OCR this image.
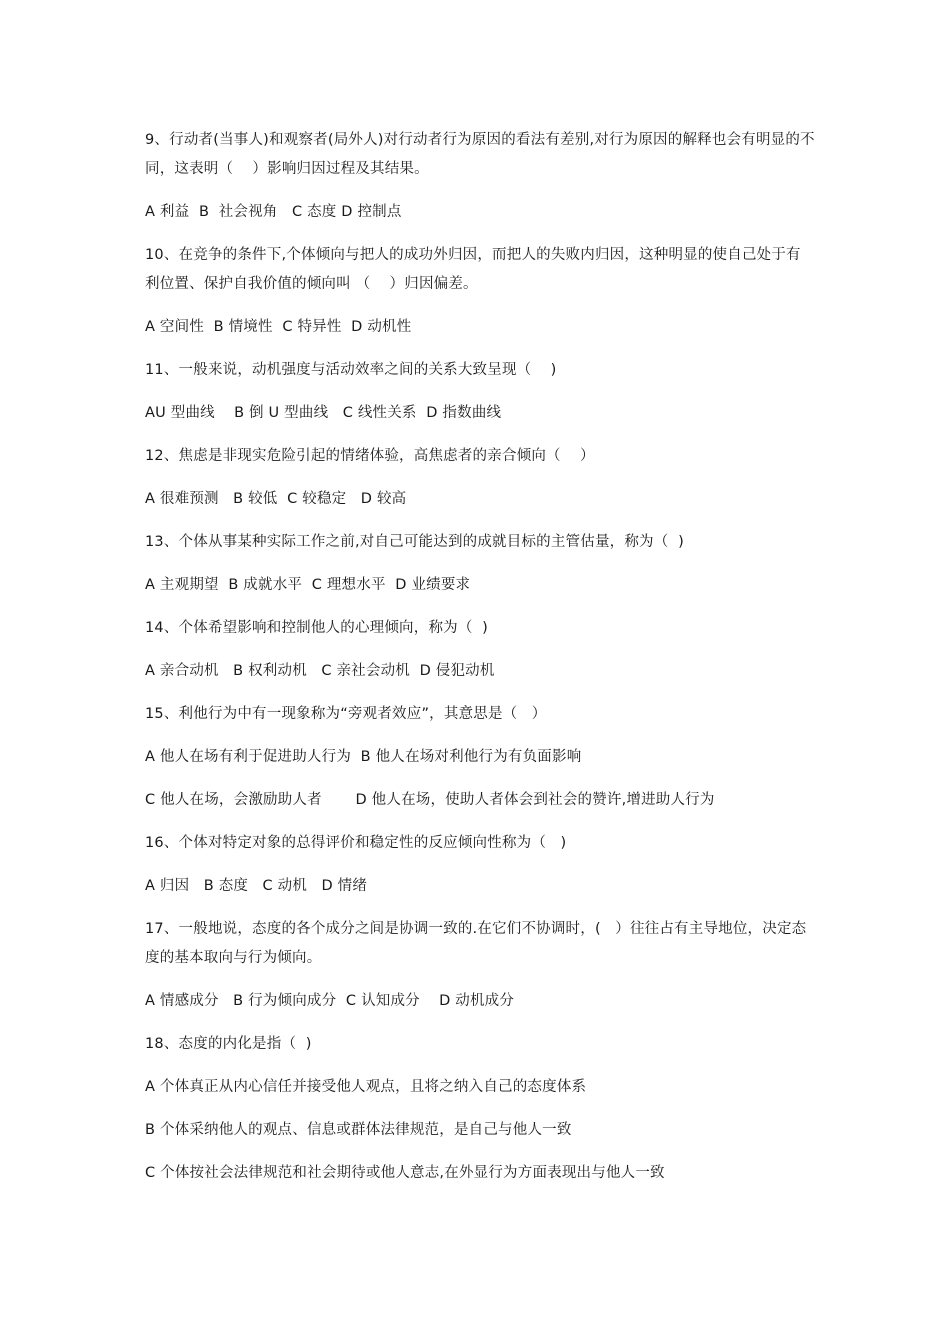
9、行动者(当事人)和观察者(局外人)对行动者行为原因的看法有差别,对行为原因的解释也会有明显的不同，这表明（    ）影响归因过程及其结果。

A 利益  B  社会视角   C 态度 D 控制点

10、在竞争的条件下,个体倾向与把人的成功外归因，而把人的失败内归因，这种明显的使自己处于有利位置、保护自我价值的倾向叫 （    ）归因偏差。

A 空间性  B 情境性  C 特异性  D 动机性

11、一般来说，动机强度与活动效率之间的关系大致呈现（    )

AU 型曲线    B 倒 U 型曲线   C 线性关系  D 指数曲线

12、焦虑是非现实危险引起的情绪体验，高焦虑者的亲合倾向（    ）

A 很难预测   B 较低  C 较稳定   D 较高

13、个体从事某种实际工作之前,对自己可能达到的成就目标的主管估量，称为（  )

A 主观期望  B 成就水平  C 理想水平  D 业绩要求

14、个体希望影响和控制他人的心理倾向，称为（  )

A 亲合动机   B 权利动机   C 亲社会动机  D 侵犯动机

15、利他行为中有一现象称为“旁观者效应”，其意思是（   ）

A 他人在场有利于促进助人行为  B 他人在场对利他行为有负面影响

C 他人在场，会激励助人者       D 他人在场，使助人者体会到社会的赞许,增进助人行为

16、个体对特定对象的总得评价和稳定性的反应倾向性称为（   )

A 归因   B 态度   C 动机   D 情绪

17、一般地说，态度的各个成分之间是协调一致的.在它们不协调时，(   ）往往占有主导地位，决定态度的基本取向与行为倾向。

A 情感成分   B 行为倾向成分  C 认知成分    D 动机成分

18、态度的内化是指（  )

A 个体真正从内心信任并接受他人观点，且将之纳入自己的态度体系

B 个体采纳他人的观点、信息或群体法律规范，是自己与他人一致

C 个体按社会法律规范和社会期待或他人意志,在外显行为方面表现出与他人一致
